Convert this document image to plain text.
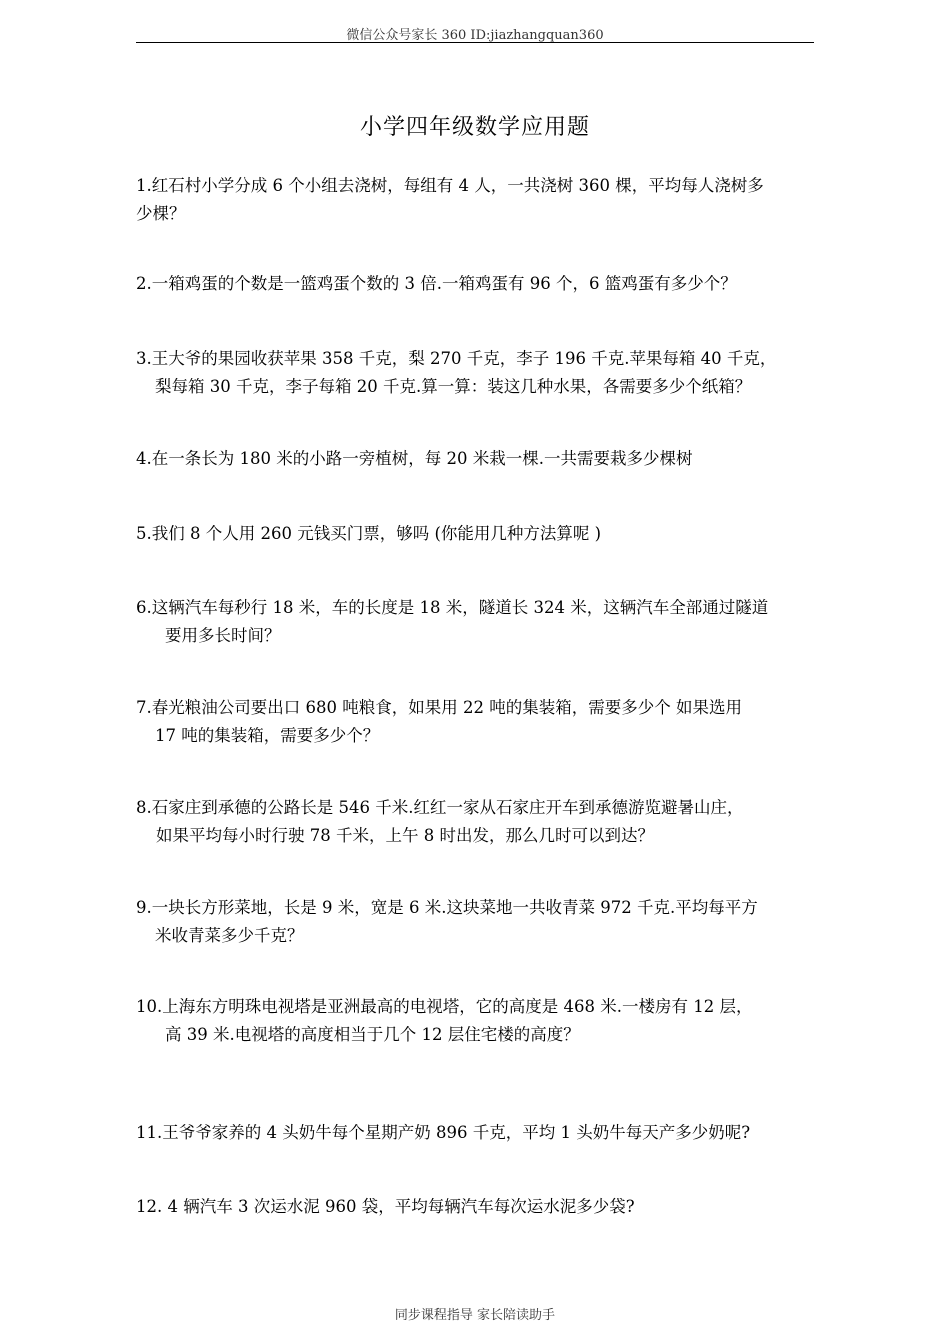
微信公众号家长 360 ID:jiazhangquan360
小学四年级数学应用题
1.红石村小学分成 6 个小组去浇树，每组有 4 人，一共浇树 360 棵，平均每人浇树多
少棵？
2.一箱鸡蛋的个数是一篮鸡蛋个数的 3 倍.一箱鸡蛋有 96 个，6 篮鸡蛋有多少个？
3.王大爷的果园收获苹果 358 千克，梨 270 千克，李子 196 千克.苹果每箱 40 千克，
梨每箱 30 千克，李子每箱 20 千克.算一算：装这几种水果，各需要多少个纸箱？
4.在一条长为 180 米的小路一旁植树，每 20 米栽一棵.一共需要栽多少棵树
5.我们 8 个人用 260 元钱买门票，够吗 (你能用几种方法算呢 )
6.这辆汽车每秒行 18 米，车的长度是 18 米，隧道长 324 米，这辆汽车全部通过隧道
要用多长时间？
7.春光粮油公司要出口 680 吨粮食，如果用 22 吨的集装箱，需要多少个 如果选用
17 吨的集装箱，需要多少个？
8.石家庄到承德的公路长是 546 千米.红红一家从石家庄开车到承德游览避暑山庄，
如果平均每小时行驶 78 千米，上午 8 时出发，那么几时可以到达？
9.一块长方形菜地，长是 9 米，宽是 6 米.这块菜地一共收青菜 972 千克.平均每平方
米收青菜多少千克？
10.上海东方明珠电视塔是亚洲最高的电视塔，它的高度是 468 米.一楼房有 12 层，
高 39 米.电视塔的高度相当于几个 12 层住宅楼的高度？
11.王爷爷家养的 4 头奶牛每个星期产奶 896 千克，平均 1 头奶牛每天产多少奶呢?
12. 4 辆汽车 3 次运水泥 960 袋，平均每辆汽车每次运水泥多少袋?
同步课程指导 家长陪读助手
